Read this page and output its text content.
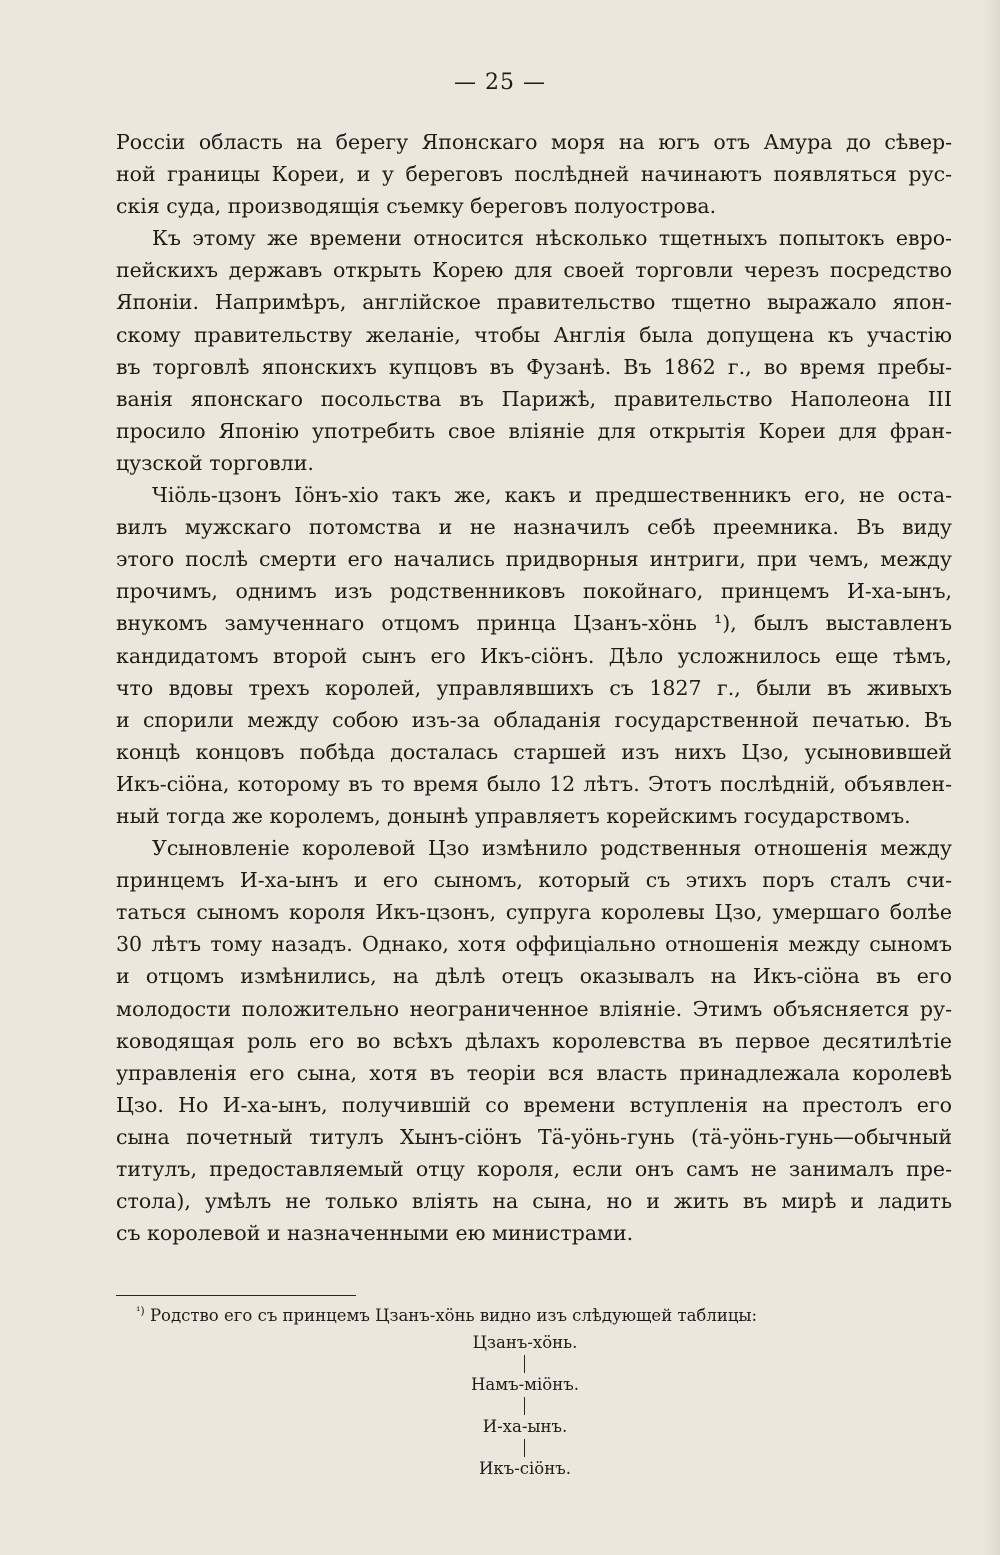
— 25 —
Россіи область на берегу Японскаго моря на югъ отъ Амура до сѣвер-
ной границы Кореи, и у береговъ послѣдней начинаютъ появляться рус-
скія суда, производящія съемку береговъ полуострова.
Къ этому же времени относится нѣсколько тщетныхъ попытокъ евро-
пейскихъ державъ открыть Корею для своей торговли черезъ посредство
Японіи. Напримѣръ, англійское правительство тщетно выражало япон-
скому правительству желаніе, чтобы Англія была допущена къ участію
въ торговлѣ японскихъ купцовъ въ Фузанѣ. Въ 1862 г., во время пребы-
ванія японскаго посольства въ Парижѣ, правительство Наполеона III
просило Японію употребить свое вліяніе для открытія Кореи для фран-
цузской торговли.
Чіöль-цзонъ Іöнъ-хіо такъ же, какъ и предшественникъ его, не оста-
вилъ мужскаго потомства и не назначилъ себѣ преемника. Въ виду
этого послѣ смерти его начались придворныя интриги, при чемъ, между
прочимъ, однимъ изъ родственниковъ покойнаго, принцемъ И-ха-ынъ,
внукомъ замученнаго отцомъ принца Цзанъ-хöнь ¹), былъ выставленъ
кандидатомъ второй сынъ его Икъ-сіöнъ. Дѣло усложнилось еще тѣмъ,
что вдовы трехъ королей, управлявшихъ съ 1827 г., были въ живыхъ
и спорили между собою изъ-за обладанія государственной печатью. Въ
концѣ концовъ побѣда досталась старшей изъ нихъ Цзо, усыновившей
Икъ-сіöна, которому въ то время было 12 лѣтъ. Этотъ послѣдній, объявлен-
ный тогда же королемъ, донынѣ управляетъ корейскимъ государствомъ.
Усыновленіе королевой Цзо измѣнило родственныя отношенія между
принцемъ И-ха-ынъ и его сыномъ, который съ этихъ поръ сталъ счи-
таться сыномъ короля Икъ-цзонъ, супруга королевы Цзо, умершаго болѣе
30 лѣтъ тому назадъ. Однако, хотя оффиціально отношенія между сыномъ
и отцомъ измѣнились, на дѣлѣ отецъ оказывалъ на Икъ-сіöна въ его
молодости положительно неограниченное вліяніе. Этимъ объясняется ру-
ководящая роль его во всѣхъ дѣлахъ королевства въ первое десятилѣтіе
управленія его сына, хотя въ теоріи вся власть принадлежала королевѣ
Цзо. Но И-ха-ынъ, получившій со времени вступленія на престолъ его
сына почетный титулъ Хынъ-сіöнъ Тä-уöнь-гунь (тä-уöнь-гунь—обычный
титулъ, предоставляемый отцу короля, если онъ самъ не занималъ пре-
стола), умѣлъ не только вліять на сына, но и жить въ мирѣ и ладить
съ королевой и назначенными ею министрами.
$^{^1)}$ Родство его съ принцемъ Цзанъ-хöнь видно изъ слѣдующей таблицы:
Цзанъ-хöнь.
Намъ-міöнъ.
И-ха-ынъ.
Икъ-сіöнъ.
